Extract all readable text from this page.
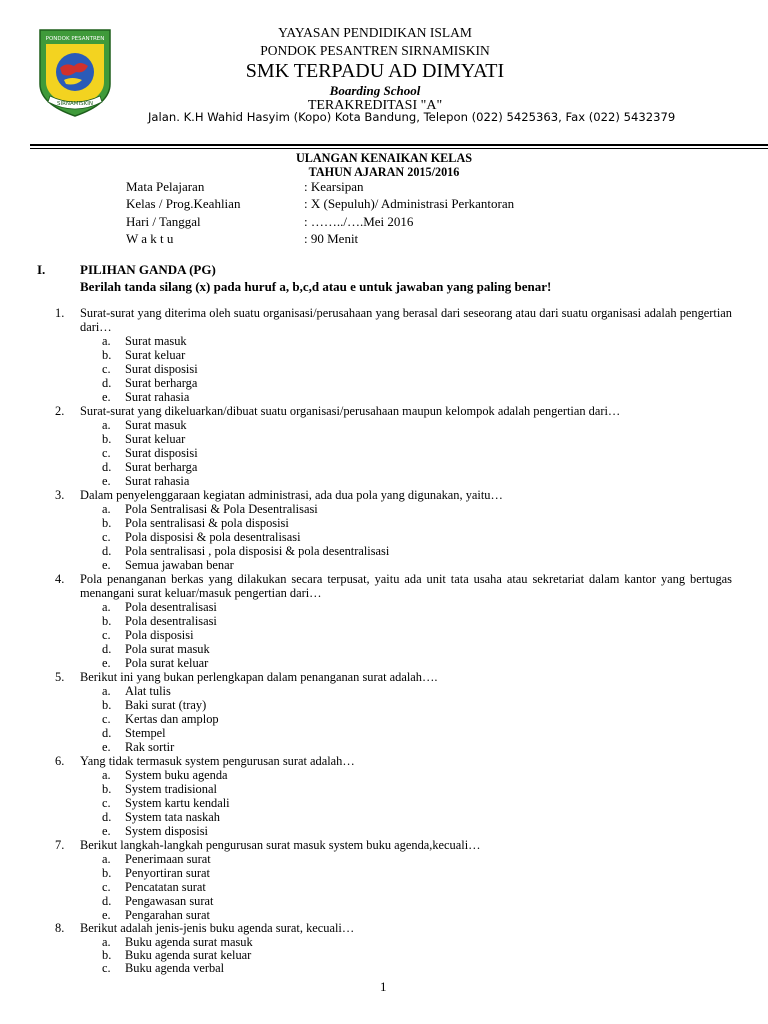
PONDOK PESANTREN
SIRNAMISKIN
YAYASAN PENDIDIKAN ISLAM
PONDOK PESANTREN SIRNAMISKIN
SMK TERPADU AD DIMYATI
Boarding School
TERAKREDITASI "A"
Jalan. K.H Wahid Hasyim (Kopo) Kota Bandung, Telepon (022) 5425363, Fax (022) 5432379
ULANGAN KENAIKAN KELAS
TAHUN AJARAN 2015/2016
Mata Pelajaran	: Kearsipan
Kelas / Prog.Keahlian	: X (Sepuluh)/ Administrasi Perkantoran
Hari / Tanggal	: ……../….Mei 2016
W a k t u	: 90 Menit
I.	PILIHAN GANDA (PG)
Berilah tanda silang (x) pada huruf a, b,c,d atau e untuk jawaban yang paling benar!
1. Surat-surat yang diterima oleh suatu organisasi/perusahaan yang berasal dari seseorang atau dari suatu organisasi adalah pengertian dari…
a. Surat masuk
b. Surat keluar
c. Surat disposisi
d. Surat berharga
e. Surat rahasia
2. Surat-surat yang dikeluarkan/dibuat suatu organisasi/perusahaan maupun kelompok adalah pengertian dari…
a. Surat masuk
b. Surat keluar
c. Surat disposisi
d. Surat berharga
e. Surat rahasia
3. Dalam penyelenggaraan kegiatan administrasi, ada dua pola yang digunakan, yaitu…
a. Pola Sentralisasi & Pola Desentralisasi
b. Pola sentralisasi & pola disposisi
c. Pola disposisi & pola desentralisasi
d. Pola sentralisasi , pola disposisi & pola desentralisasi
e. Semua jawaban benar
4. Pola penanganan berkas yang dilakukan secara terpusat, yaitu ada unit tata usaha atau sekretariat dalam kantor yang bertugas menangani surat keluar/masuk pengertian dari…
a. Pola desentralisasi
b. Pola desentralisasi
c. Pola disposisi
d. Pola surat masuk
e. Pola surat keluar
5. Berikut ini yang bukan perlengkapan dalam penanganan surat adalah….
a. Alat tulis
b. Baki surat (tray)
c. Kertas dan amplop
d. Stempel
e. Rak sortir
6. Yang tidak termasuk system pengurusan surat adalah…
a. System buku agenda
b. System tradisional
c. System kartu kendali
d. System tata naskah
e. System disposisi
7. Berikut langkah-langkah pengurusan surat masuk system buku agenda,kecuali…
a. Penerimaan surat
b. Penyortiran surat
c. Pencatatan surat
d. Pengawasan surat
e. Pengarahan surat
8. Berikut adalah jenis-jenis buku agenda surat, kecuali…
a. Buku agenda surat masuk
b. Buku agenda surat keluar
c. Buku agenda verbal
1
